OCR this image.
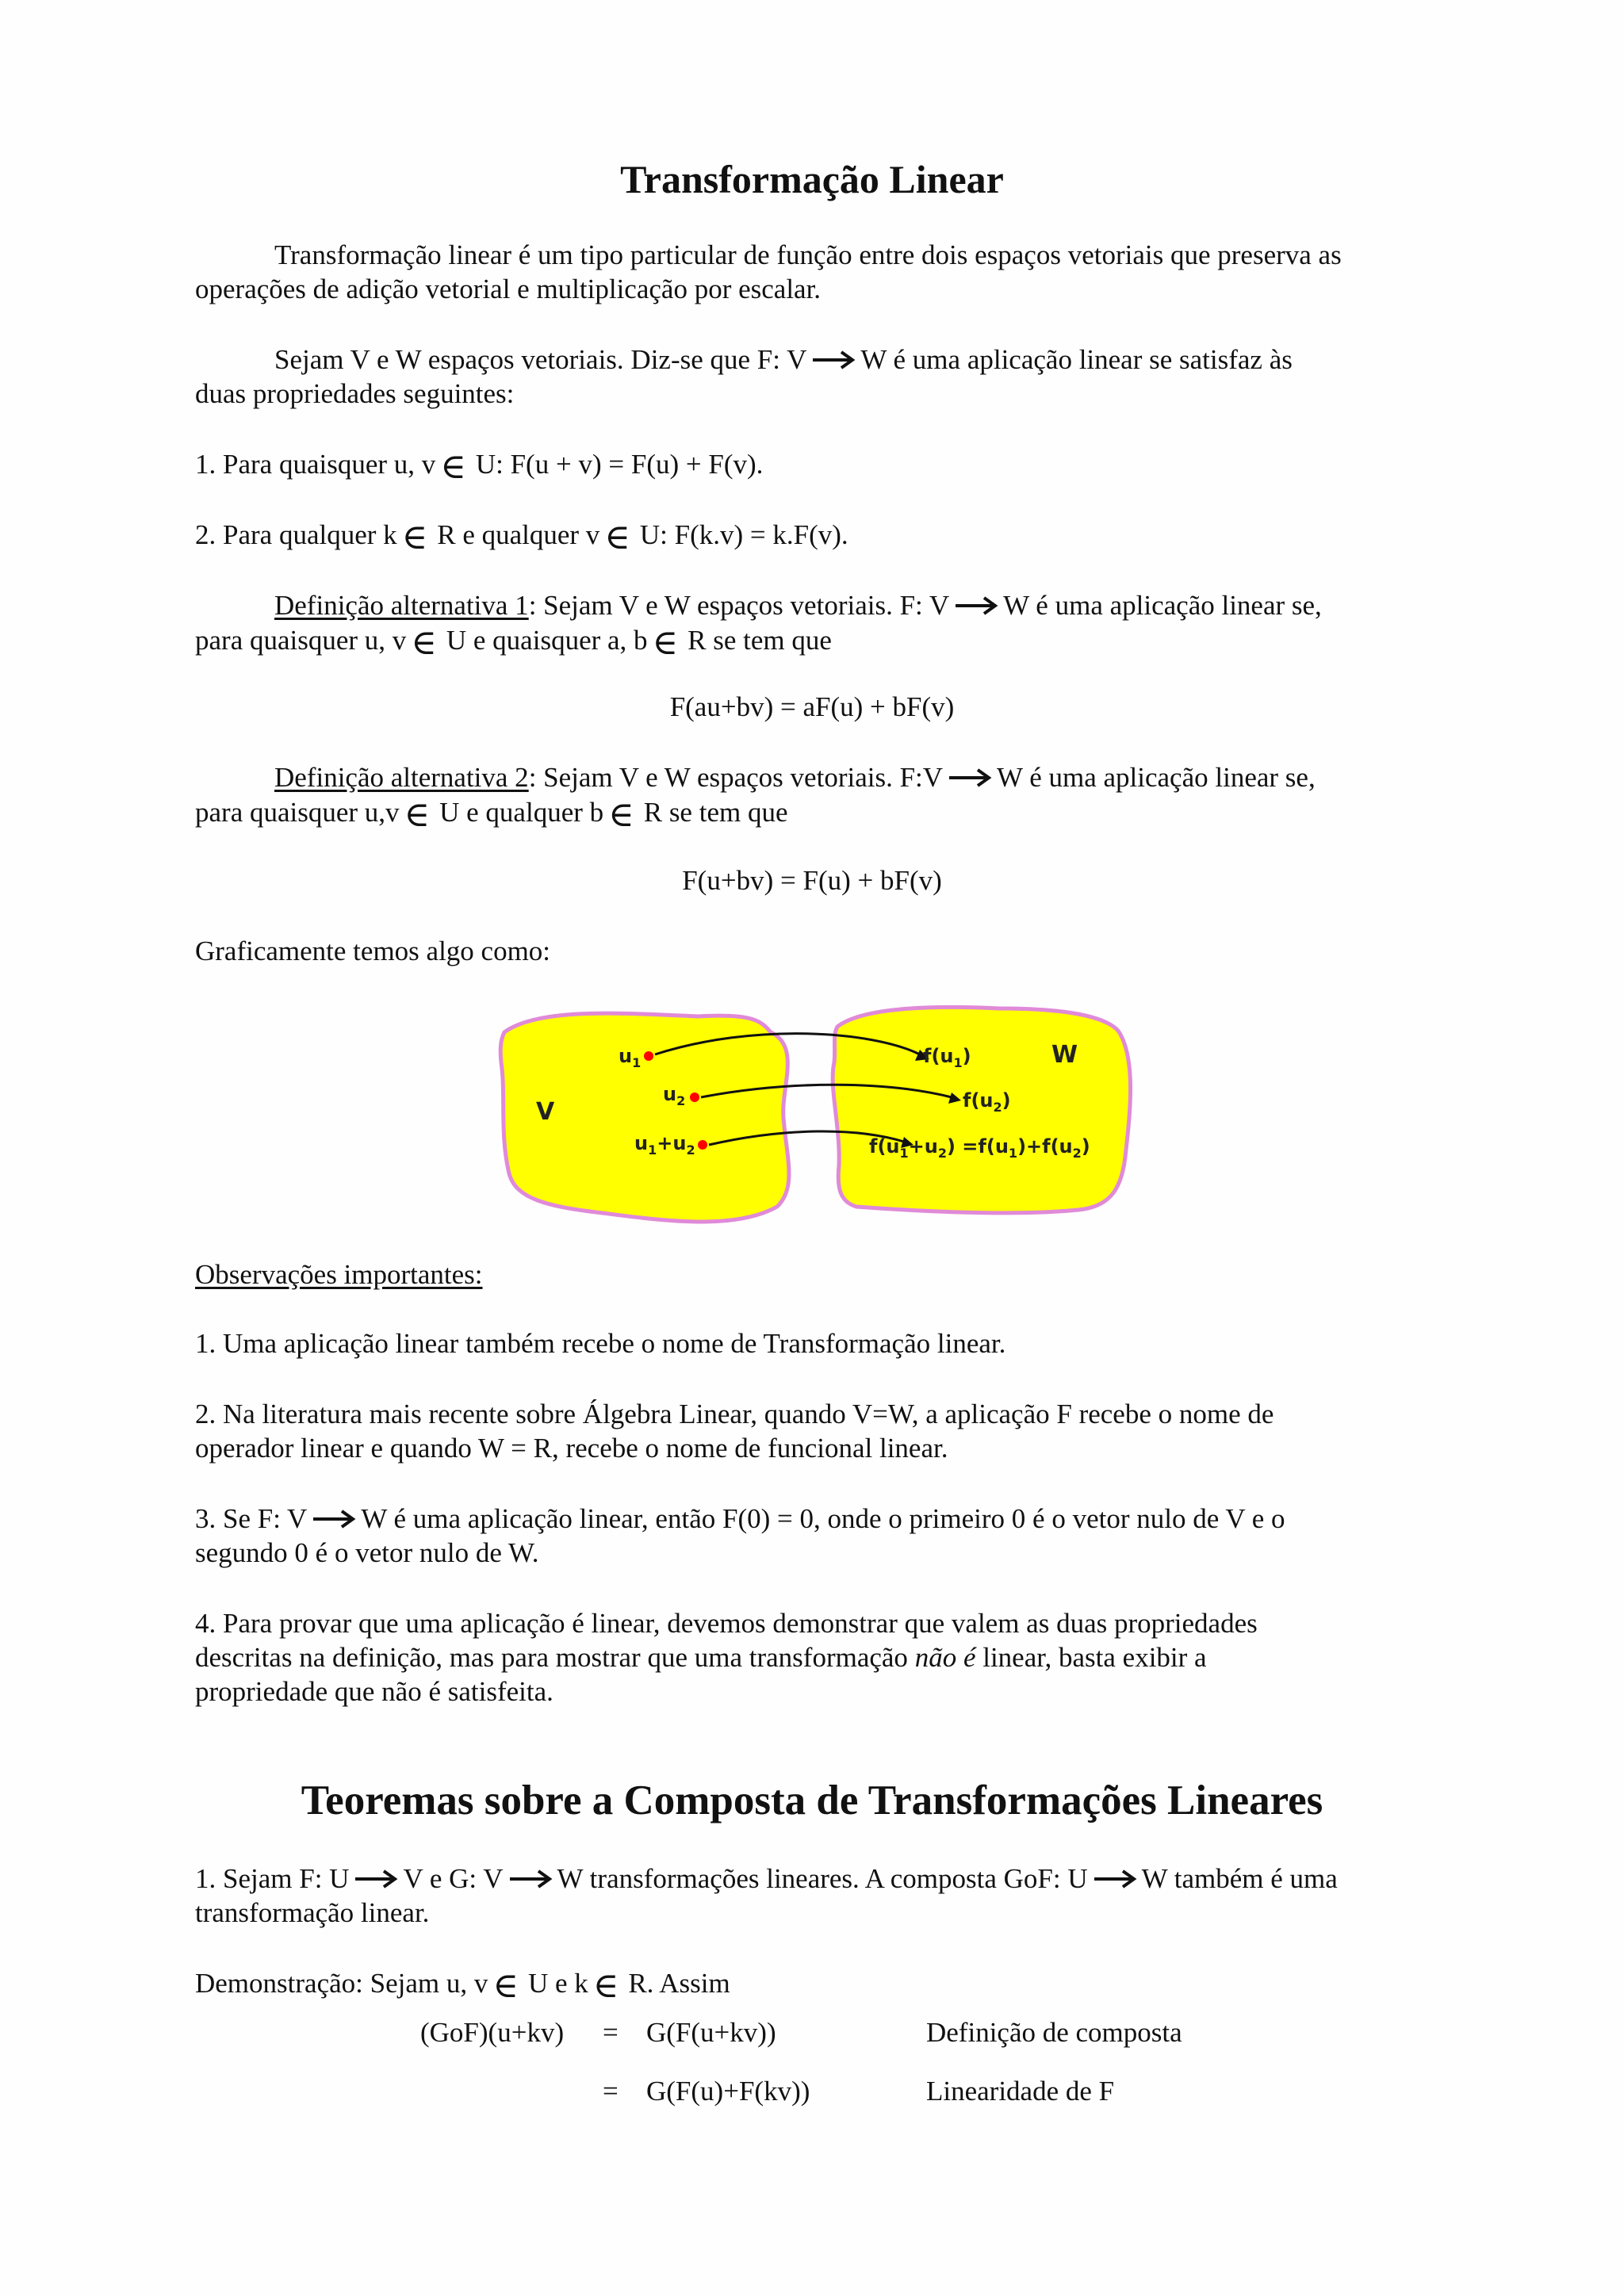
Transformação Linear
Transformação linear é um tipo particular de função entre dois espaços vetoriais que preserva as
operações de adição vetorial e multiplicação por escalar.
Sejam V e W espaços vetoriais. Diz-se que F: V W é uma aplicação linear se satisfaz às
duas propriedades seguintes:
1. Para quaisquer u, v ∈ U: F(u + v) = F(u) + F(v).
2. Para qualquer k ∈ R e qualquer v ∈ U: F(k.v) = k.F(v).
Definição alternativa 1: Sejam V e W espaços vetoriais. F: V W é uma aplicação linear se,
para quaisquer u, v ∈ U e quaisquer a, b ∈ R se tem que
F(au+bv) = aF(u) + bF(v)
Definição alternativa 2: Sejam V e W espaços vetoriais. F:V W é uma aplicação linear se,
para quaisquer u,v ∈ U e qualquer b ∈ R se tem que
F(u+bv) = F(u) + bF(v)
Graficamente temos algo como:
V
W
$u_1$
$u_2$
$u_1+u_2$
$f(u_1)$
$f(u_2)$
$f(u_1+u_2) =f(u_1)+f(u_2)$
Observações importantes:
1. Uma aplicação linear também recebe o nome de Transformação linear.
2. Na literatura mais recente sobre Álgebra Linear, quando V=W, a aplicação F recebe o nome de
operador linear e quando W = R, recebe o nome de funcional linear.
3. Se F: V W é uma aplicação linear, então F(0) = 0, onde o primeiro 0 é o vetor nulo de V e o
segundo 0 é o vetor nulo de W.
4. Para provar que uma aplicação é linear, devemos demonstrar que valem as duas propriedades
descritas na definição, mas para mostrar que uma transformação não é linear, basta exibir a
propriedade que não é satisfeita.
Teoremas sobre a Composta de Transformações Lineares
1. Sejam F: U V e G: V W transformações lineares. A composta GoF: U W também é uma
transformação linear.
Demonstração: Sejam u, v ∈ U e k ∈ R. Assim
(GoF)(u+kv) = G(F(u+kv))	Definição de composta
= G(F(u)+F(kv))	Linearidade de F
